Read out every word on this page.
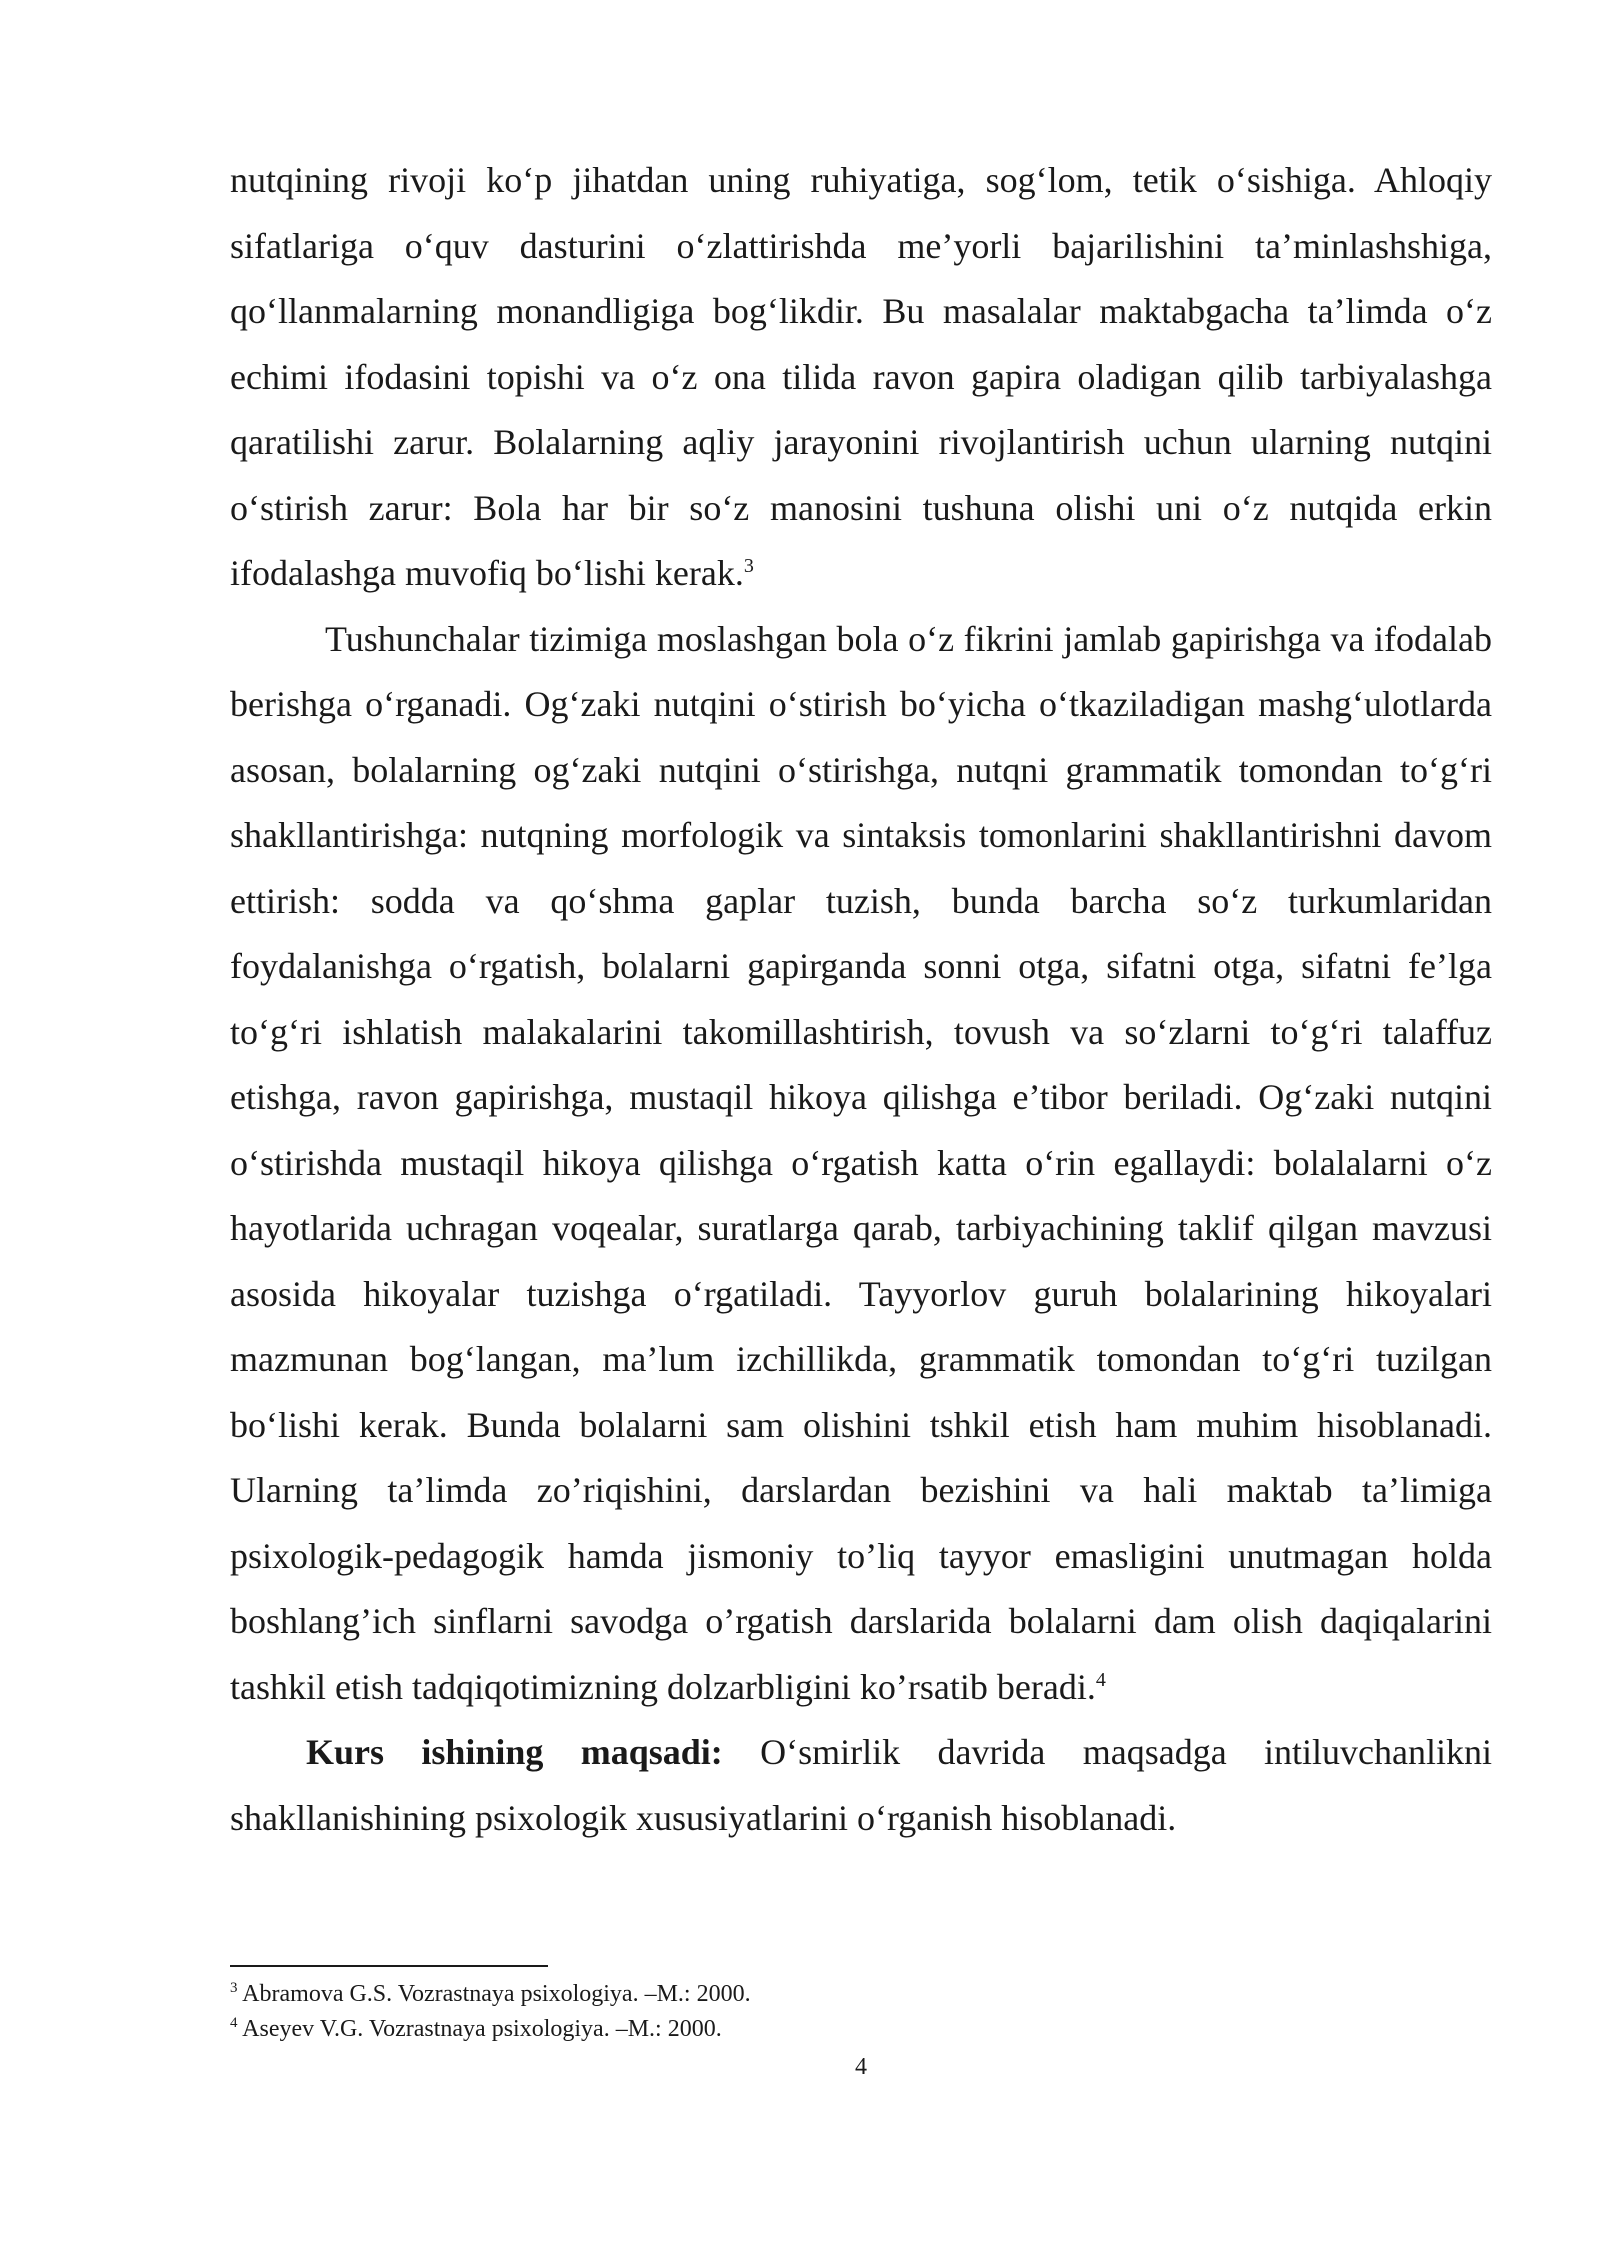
nutqining rivoji ko‘p jihatdan uning ruhiyatiga, sog‘lom, tetik o‘sishiga. Ahloqiy sifatlariga o‘quv dasturini o‘zlattirishda me’yorli bajarilishini ta’minlashshiga, qo‘llanmalarning monandligiga bog‘likdir. Bu masalalar maktabgacha ta’limda o‘z echimi ifodasini topishi va o‘z ona tilida ravon gapira oladigan qilib tarbiyalashga qaratilishi zarur. Bolalarning aqliy jarayonini rivojlantirish uchun ularning nutqini o‘stirish zarur: Bola har bir so‘z manosini tushuna olishi uni o‘z nutqida erkin ifodalashga muvofiq bo‘lishi kerak.$^3$

Tushunchalar tizimiga moslashgan bola o‘z fikrini jamlab gapirishga va ifodalab berishga o‘rganadi. Og‘zaki nutqini o‘stirish bo‘yicha o‘tkaziladigan mashg‘ulotlarda asosan, bolalarning og‘zaki nutqini o‘stirishga, nutqni grammatik tomondan to‘g‘ri shakllantirishga: nutqning morfologik va sintaksis tomonlarini shakllantirishni davom ettirish: sodda va qo‘shma gaplar tuzish, bunda barcha so‘z turkumlaridan foydalanishga o‘rgatish, bolalarni gapirganda sonni otga, sifatni otga, sifatni fe’lga to‘g‘ri ishlatish malakalarini takomillashtirish, tovush va so‘zlarni to‘g‘ri talaffuz etishga, ravon gapirishga, mustaqil hikoya qilishga e’tibor beriladi. Og‘zaki nutqini o‘stirishda mustaqil hikoya qilishga o‘rgatish katta o‘rin egallaydi: bolalalarni o‘z hayotlarida uchragan voqealar, suratlarga qarab, tarbiyachining taklif qilgan mavzusi asosida hikoyalar tuzishga o‘rgatiladi. Tayyorlov guruh bolalarining hikoyalari mazmunan bog‘langan, ma’lum izchillikda, grammatik tomondan to‘g‘ri tuzilgan bo‘lishi kerak. Bunda bolalarni sam olishini tshkil etish ham muhim hisoblanadi. Ularning ta’limda zo’riqishini, darslardan bezishini va hali maktab ta’limiga psixologik-pedagogik hamda jismoniy to’liq tayyor emasligini unutmagan holda boshlang’ich sinflarni savodga o’rgatish darslarida bolalarni dam olish daqiqalarini tashkil etish tadqiqotimizning dolzarbligini ko’rsatib beradi.$^4$

Kurs ishining maqsadi: O‘smirlik davrida maqsadga intiluvchanlikni shakllanishining psixologik xususiyatlarini o‘rganish hisoblanadi.

$^3$ Abramova G.S. Vozrastnaya psixologiya. –M.: 2000.

$^4$ Aseyev V.G. Vozrastnaya psixologiya. –M.: 2000.

4
